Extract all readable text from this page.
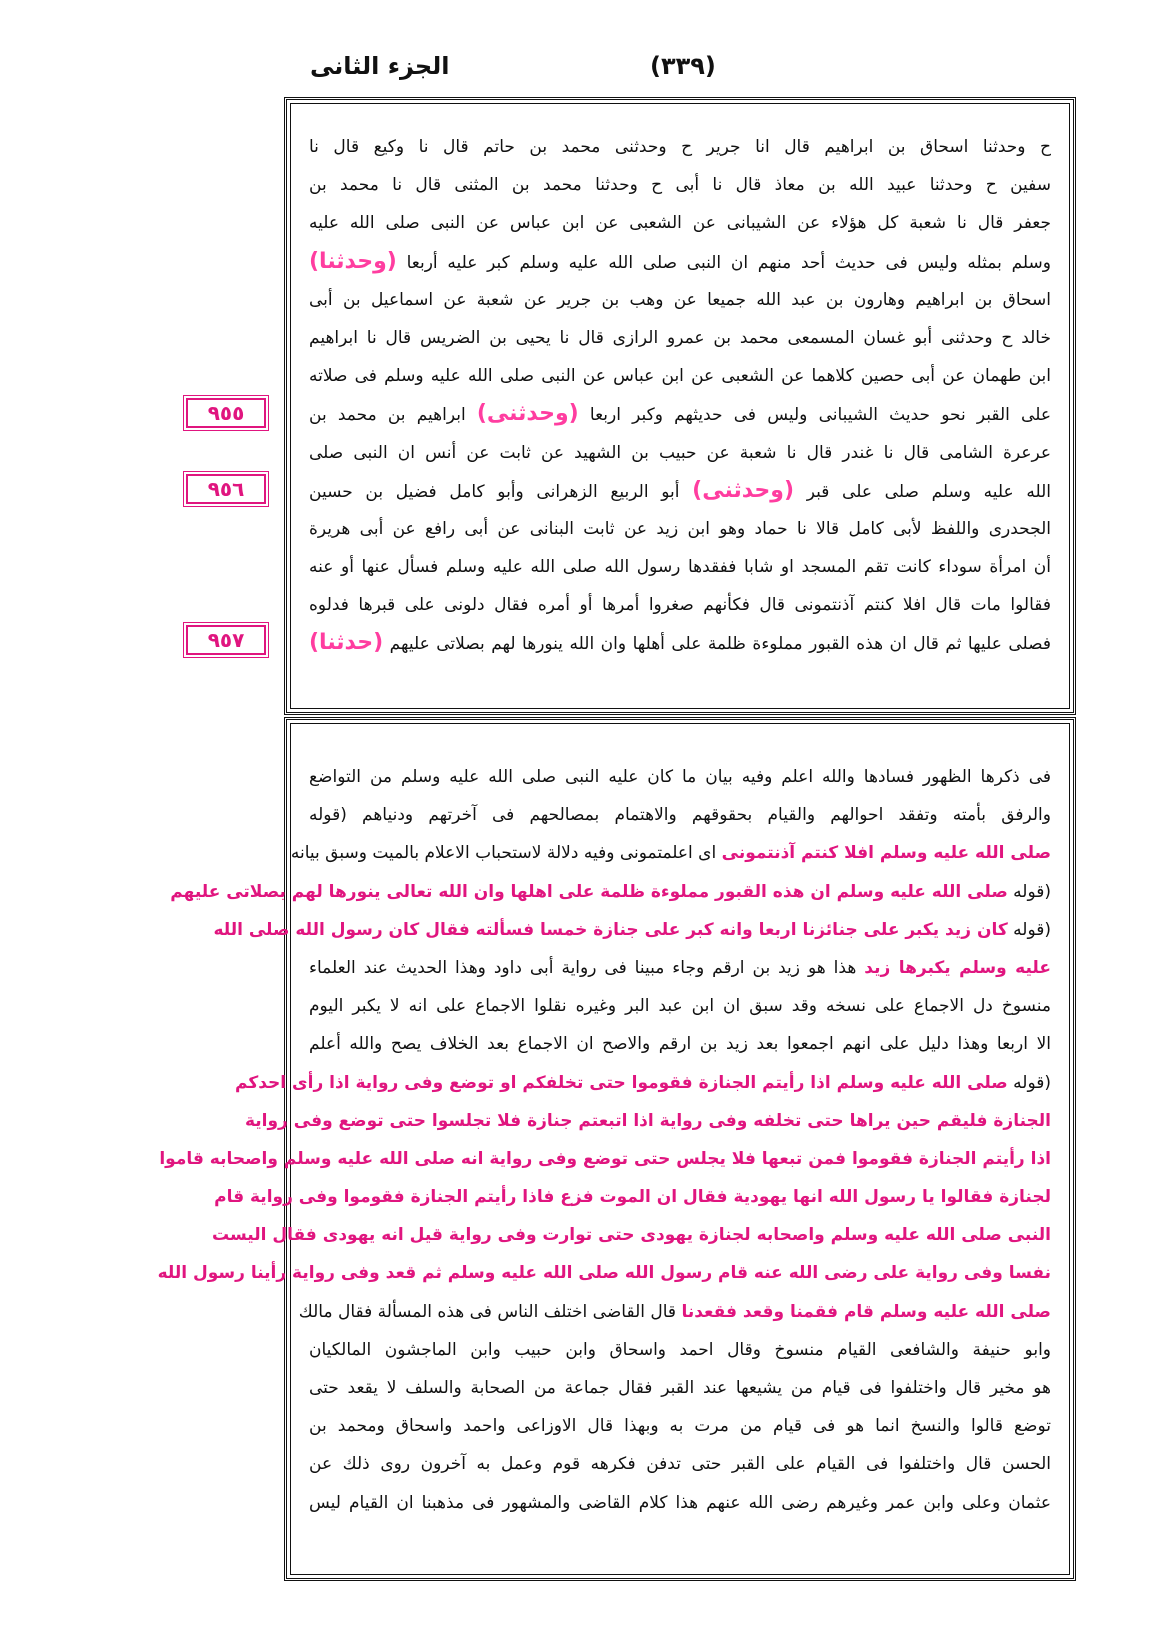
الجزء الثانى	(٣٣٩)
٩٥٥
٩٥٦
٩٥٧
ح وحدثنا اسحاق بن ابراهيم قال انا جرير ح وحدثنى محمد بن حاتم قال نا وكيع قال نا
سفين ح وحدثنا عبيد الله بن معاذ قال نا أبى ح وحدثنا محمد بن المثنى قال نا محمد بن
جعفر قال نا شعبة كل هؤلاء عن الشيبانى عن الشعبى عن ابن عباس عن النبى صلى الله عليه
وسلم بمثله وليس فى حديث أحد منهم ان النبى صلى الله عليه وسلم كبر عليه أربعا (وحدثنا)
اسحاق بن ابراهيم وهارون بن عبد الله جميعا عن وهب بن جرير عن شعبة عن اسماعيل بن أبى
خالد ح وحدثنى أبو غسان المسمعى محمد بن عمرو الرازى قال نا يحيى بن الضريس قال نا ابراهيم
ابن طهمان عن أبى حصين كلاهما عن الشعبى عن ابن عباس عن النبى صلى الله عليه وسلم فى صلاته
على القبر نحو حديث الشيبانى وليس فى حديثهم وكبر اربعا (وحدثنى) ابراهيم بن محمد بن
عرعرة الشامى قال نا غندر قال نا شعبة عن حبيب بن الشهيد عن ثابت عن أنس ان النبى صلى
الله عليه وسلم صلى على قبر (وحدثنى) أبو الربيع الزهرانى وأبو كامل فضيل بن حسين
الجحدرى واللفظ لأبى كامل قالا نا حماد وهو ابن زيد عن ثابت البنانى عن أبى رافع عن أبى هريرة
أن امرأة سوداء كانت تقم المسجد او شابا ففقدها رسول الله صلى الله عليه وسلم فسأل عنها أو عنه
فقالوا مات قال افلا كنتم آذنتمونى قال فكأنهم صغروا أمرها أو أمره فقال دلونى على قبرها فدلوه
فصلى عليها ثم قال ان هذه القبور مملوءة ظلمة على أهلها وان الله ينورها لهم بصلاتى عليهم (حدثنا)
فى ذكرها الظهور فسادها والله اعلم وفيه بيان ما كان عليه النبى صلى الله عليه وسلم من التواضع
والرفق بأمته وتفقد احوالهم والقيام بحقوقهم والاهتمام بمصالحهم فى آخرتهم ودنياهم (قوله
صلى الله عليه وسلم افلا كنتم آذنتمونى اى اعلمتمونى وفيه دلالة لاستحباب الاعلام بالميت وسبق بيانه
(قوله صلى الله عليه وسلم ان هذه القبور مملوءة ظلمة على اهلها وان الله تعالى ينورها لهم بصلاتى عليهم
(قوله كان زيد يكبر على جنائزنا اربعا وانه كبر على جنازة خمسا فسألته فقال كان رسول الله صلى الله
عليه وسلم يكبرها زيد هذا هو زيد بن ارقم وجاء مبينا فى رواية أبى داود وهذا الحديث عند العلماء
منسوخ دل الاجماع على نسخه وقد سبق ان ابن عبد البر وغيره نقلوا الاجماع على انه لا يكبر اليوم
الا اربعا وهذا دليل على انهم اجمعوا بعد زيد بن ارقم والاصح ان الاجماع بعد الخلاف يصح والله أعلم
(قوله صلى الله عليه وسلم اذا رأيتم الجنازة فقوموا حتى تخلفكم او توضع وفى رواية اذا رأى احدكم
الجنازة فليقم حين يراها حتى تخلفه وفى رواية اذا اتبعتم جنازة فلا تجلسوا حتى توضع وفى رواية
اذا رأيتم الجنازة فقوموا فمن تبعها فلا يجلس حتى توضع وفى رواية انه صلى الله عليه وسلم واصحابه قاموا
لجنازة فقالوا يا رسول الله انها يهودية فقال ان الموت فزع فاذا رأيتم الجنازة فقوموا وفى رواية قام
النبى صلى الله عليه وسلم واصحابه لجنازة يهودى حتى توارت وفى رواية قيل انه يهودى فقال اليست
نفسا وفى رواية على رضى الله عنه قام رسول الله صلى الله عليه وسلم ثم قعد وفى رواية رأينا رسول الله
صلى الله عليه وسلم قام فقمنا وقعد فقعدنا قال القاضى اختلف الناس فى هذه المسألة فقال مالك
وابو حنيفة والشافعى القيام منسوخ وقال احمد واسحاق وابن حبيب وابن الماجشون المالكيان
هو مخير قال واختلفوا فى قيام من يشيعها عند القبر فقال جماعة من الصحابة والسلف لا يقعد حتى
توضع قالوا والنسخ انما هو فى قيام من مرت به وبهذا قال الاوزاعى واحمد واسحاق ومحمد بن
الحسن قال واختلفوا فى القيام على القبر حتى تدفن فكرهه قوم وعمل به آخرون روى ذلك عن
عثمان وعلى وابن عمر وغيرهم رضى الله عنهم هذا كلام القاضى والمشهور فى مذهبنا ان القيام ليس
